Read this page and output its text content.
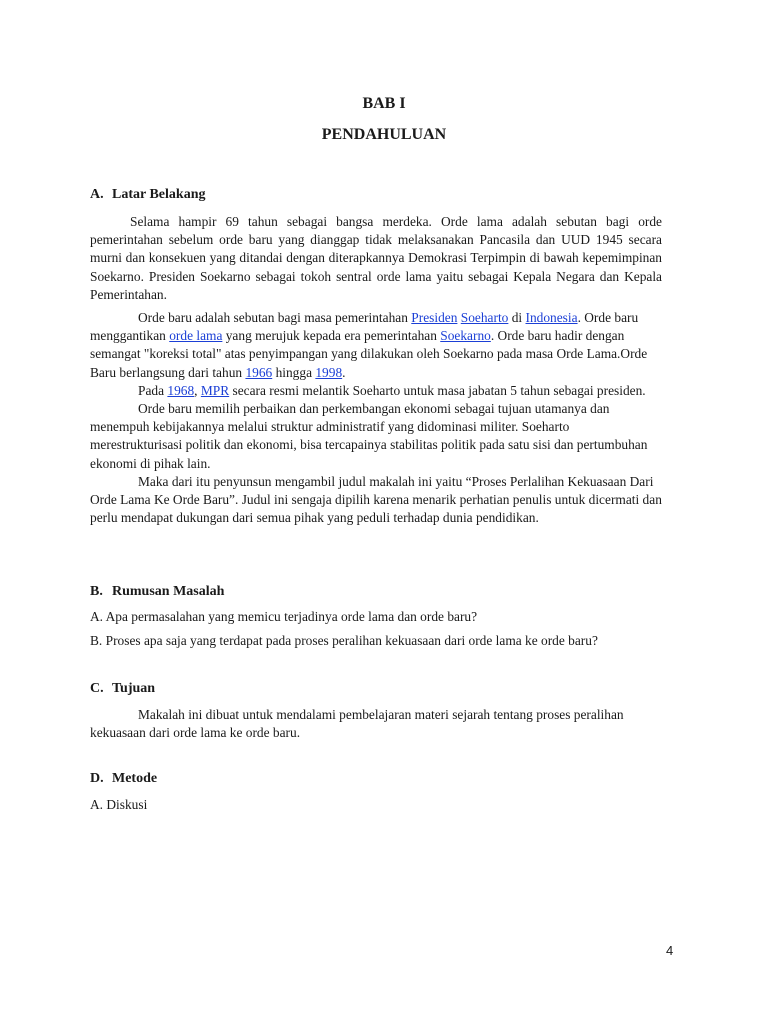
BAB I

PENDAHULUAN

A. Latar Belakang

Selama hampir 69 tahun sebagai bangsa merdeka. Orde lama adalah sebutan bagi orde pemerintahan sebelum orde baru yang dianggap tidak melaksanakan Pancasila dan UUD 1945 secara murni dan konsekuen yang ditandai dengan diterapkannya Demokrasi Terpimpin di bawah kepemimpinan Soekarno. Presiden Soekarno sebagai tokoh sentral orde lama yaitu sebagai Kepala Negara dan Kepala Pemerintahan.

Orde baru adalah sebutan bagi masa pemerintahan Presiden Soeharto di Indonesia. Orde baru menggantikan orde lama yang merujuk kepada era pemerintahan Soekarno. Orde baru hadir dengan semangat "koreksi total" atas penyimpangan yang dilakukan oleh Soekarno pada masa Orde Lama.Orde Baru berlangsung dari tahun 1966 hingga 1998.

Pada 1968, MPR secara resmi melantik Soeharto untuk masa jabatan 5 tahun sebagai presiden.

Orde baru memilih perbaikan dan perkembangan ekonomi sebagai tujuan utamanya dan menempuh kebijakannya melalui struktur administratif yang didominasi militer. Soeharto merestrukturisasi politik dan ekonomi, bisa tercapainya stabilitas politik pada satu sisi dan pertumbuhan ekonomi di pihak lain.

Maka dari itu penyunsun mengambil judul makalah ini yaitu “Proses Perlalihan Kekuasaan Dari Orde Lama Ke Orde Baru”. Judul ini sengaja dipilih karena menarik perhatian penulis untuk dicermati dan perlu mendapat dukungan dari semua pihak yang peduli terhadap dunia pendidikan.

B. Rumusan Masalah

A. Apa permasalahan yang memicu terjadinya orde lama dan orde baru?

B. Proses apa saja yang terdapat pada proses peralihan kekuasaan dari orde lama ke orde baru?

C. Tujuan

Makalah ini dibuat untuk mendalami pembelajaran materi sejarah tentang proses peralihan kekuasaan dari orde lama ke orde baru.

D. Metode

A. Diskusi

4
